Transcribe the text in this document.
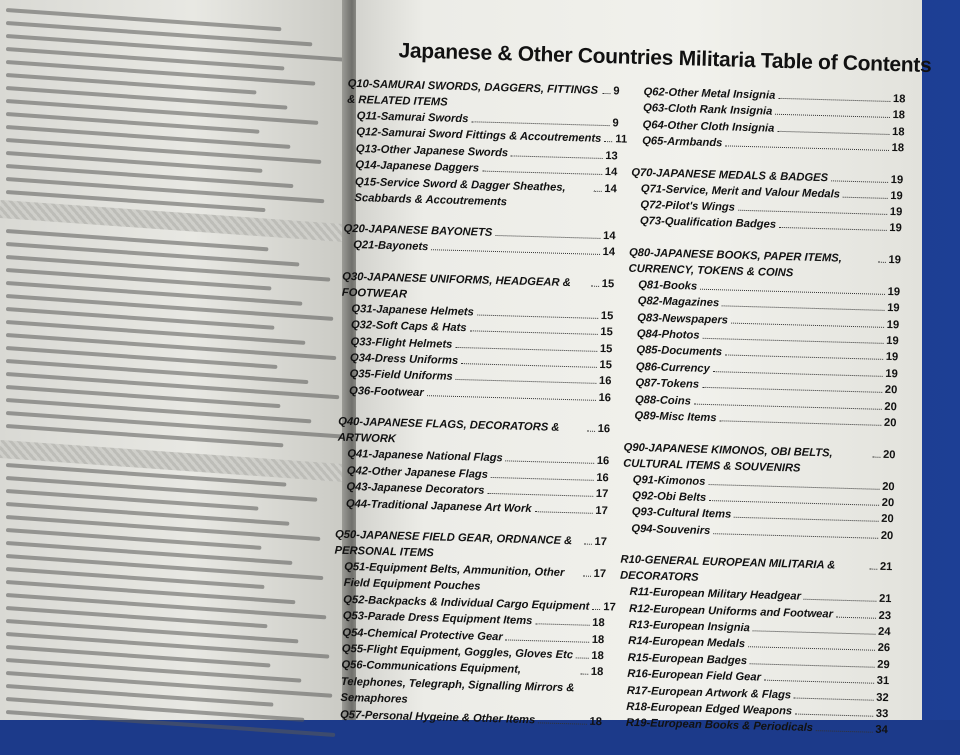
Japanese & Other Countries Militaria Table of Contents
Q10-SAMURAI SWORDS, DAGGERS, FITTINGS & RELATED ITEMS
9
Q11-Samurai Swords	9
Q12-Samurai Sword Fittings & Accoutrements 11
Q13-Other Japanese Swords	13
Q14-Japanese Daggers	14
Q15-Service Sword & Dagger Sheathes, Scabbards & Accoutrements
14
Q20-JAPANESE BAYONETS	14
Q21-Bayonets	14
Q30-JAPANESE UNIFORMS, HEADGEAR & FOOTWEAR
15
Q31-Japanese Helmets	15
Q32-Soft Caps & Hats	15
Q33-Flight Helmets	15
Q34-Dress Uniforms	15
Q35-Field Uniforms	16
Q36-Footwear	16
Q40-JAPANESE FLAGS, DECORATORS & ARTWORK
16
Q41-Japanese National Flags	16
Q42-Other Japanese Flags	16
Q43-Japanese Decorators	17
Q44-Traditional Japanese Art Work	17
Q50-JAPANESE FIELD GEAR, ORDNANCE & PERSONAL ITEMS
17
Q51-Equipment Belts, Ammunition, Other Field Equipment Pouches
17
Q52-Backpacks & Individual Cargo Equipment 17
Q53-Parade Dress Equipment Items	18
Q54-Chemical Protective Gear	18
Q55-Flight Equipment, Goggles, Gloves Etc 18
Q56-Communications Equipment, Telephones, Telegraph, Signalling Mirrors & Semaphores
18
Q57-Personal Hygeine & Other Items	18
Q62-Other Metal Insignia	18
Q63-Cloth Rank Insignia	18
Q64-Other Cloth Insignia	18
Q65-Armbands	18
Q70-JAPANESE MEDALS & BADGES	19
Q71-Service, Merit and Valour Medals	19
Q72-Pilot's Wings	19
Q73-Qualification Badges	19
Q80-JAPANESE BOOKS, PAPER ITEMS, CURRENCY, TOKENS & COINS
19
Q81-Books	19
Q82-Magazines	19
Q83-Newspapers	19
Q84-Photos	19
Q85-Documents	19
Q86-Currency	19
Q87-Tokens	20
Q88-Coins	20
Q89-Misc Items	20
Q90-JAPANESE KIMONOS, OBI BELTS, CULTURAL ITEMS & SOUVENIRS
20
Q91-Kimonos	20
Q92-Obi Belts	20
Q93-Cultural Items	20
Q94-Souvenirs	20
R10-GENERAL EUROPEAN MILITARIA & DECORATORS
21
R11-European Military Headgear	21
R12-European Uniforms and Footwear	23
R13-European Insignia	24
R14-European Medals	26
R15-European Badges	29
R16-European Field Gear	31
R17-European Artwork & Flags	32
R18-European Edged Weapons	33
R19-European Books & Periodicals	34
